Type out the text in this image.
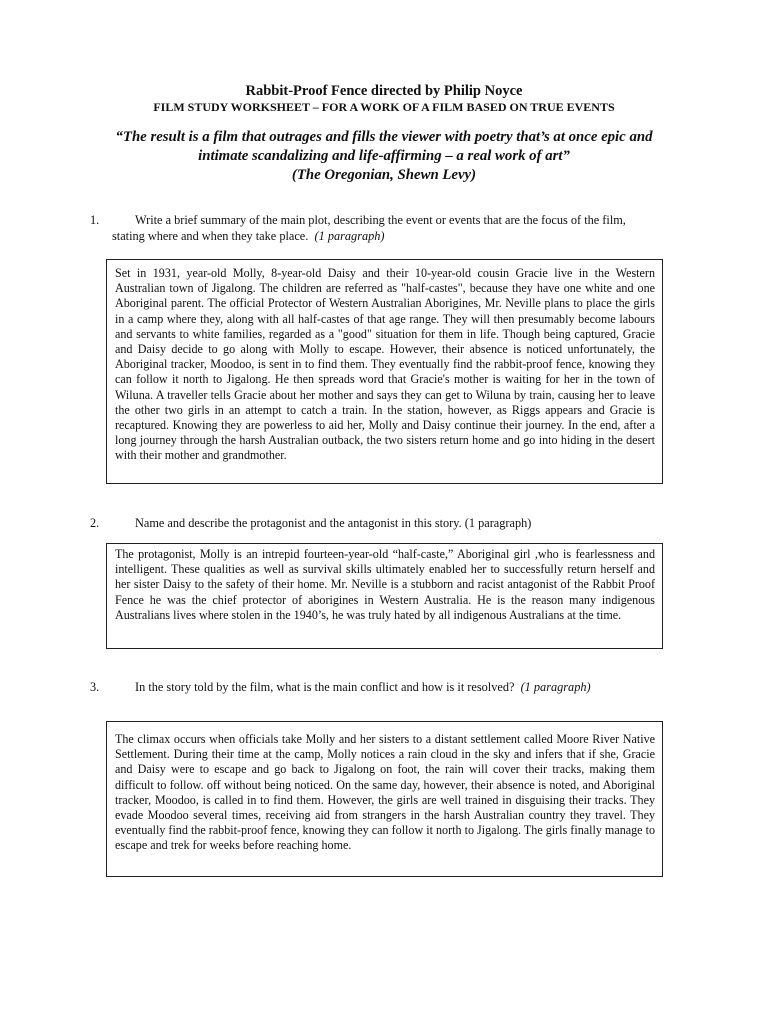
Rabbit-Proof Fence directed by Philip Noyce
FILM STUDY WORKSHEET – FOR A WORK OF A FILM BASED ON TRUE EVENTS
“The result is a film that outrages and fills the viewer with poetry that’s at once epic and
intimate scandalizing and life-affirming – a real work of art”
(The Oregonian, Shewn Levy)
1.	Write a brief summary of the main plot, describing the event or events that are the focus of the film,
stating where and when they take place. (1 paragraph)

Set in 1931, year-old Molly, 8-year-old Daisy and their 10-year-old cousin Gracie live in the Western Australian town of Jigalong. The children are referred as "half-castes", because they have one white and one Aboriginal parent. The official Protector of Western Australian Aborigines, Mr. Neville plans to place the girls in a camp where they, along with all half-castes of that age range. They will then presumably become labours and servants to white families, regarded as a "good" situation for them in life. Though being captured, Gracie and Daisy decide to go along with Molly to escape. However, their absence is noticed unfortunately, the Aboriginal tracker, Moodoo, is sent in to find them. They eventually find the rabbit-proof fence, knowing they can follow it north to Jigalong. He then spreads word that Gracie's mother is waiting for her in the town of Wiluna. A traveller tells Gracie about her mother and says they can get to Wiluna by train, causing her to leave the other two girls in an attempt to catch a train. In the station, however, as Riggs appears and Gracie is recaptured. Knowing they are powerless to aid her, Molly and Daisy continue their journey. In the end, after a long journey through the harsh Australian outback, the two sisters return home and go into hiding in the desert with their mother and grandmother.

2.	Name and describe the protagonist and the antagonist in this story. (1 paragraph)

The protagonist, Molly is an intrepid fourteen-year-old “half-caste,” Aboriginal girl ,who is fearlessness and intelligent. These qualities as well as survival skills ultimately enabled her to successfully return herself and her sister Daisy to the safety of their home. Mr. Neville is a stubborn and racist antagonist of the Rabbit Proof Fence he was the chief protector of aborigines in Western Australia. He is the reason many indigenous Australians lives where stolen in the 1940’s, he was truly hated by all indigenous Australians at the time.

3.	In the story told by the film, what is the main conflict and how is it resolved? (1 paragraph)

The climax occurs when officials take Molly and her sisters to a distant settlement called Moore River Native Settlement. During their time at the camp, Molly notices a rain cloud in the sky and infers that if she, Gracie and Daisy were to escape and go back to Jigalong on foot, the rain will cover their tracks, making them difficult to follow. off without being noticed. On the same day, however, their absence is noted, and Aboriginal tracker, Moodoo, is called in to find them. However, the girls are well trained in disguising their tracks. They evade Moodoo several times, receiving aid from strangers in the harsh Australian country they travel. They eventually find the rabbit-proof fence, knowing they can follow it north to Jigalong. The girls finally manage to escape and trek for weeks before reaching home.
